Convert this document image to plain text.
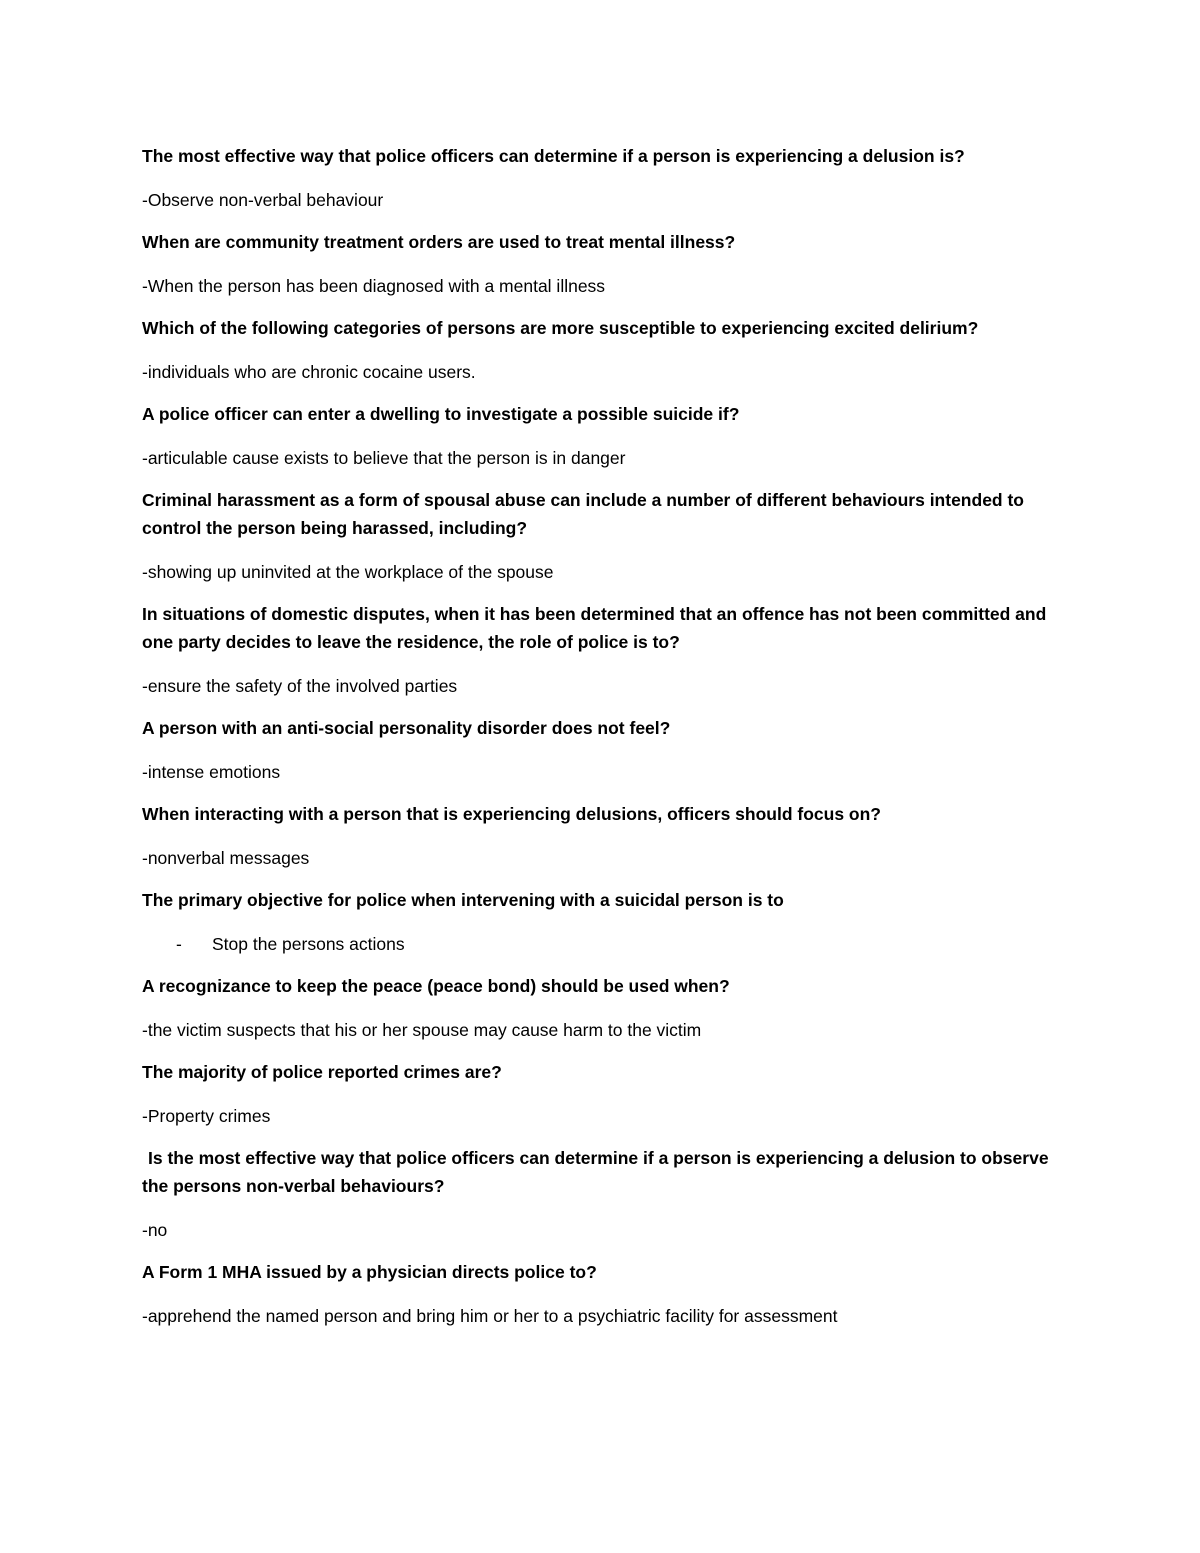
The most effective way that police officers can determine if a person is experiencing a delusion is?

-Observe non-verbal behaviour

When are community treatment orders are used to treat mental illness?

-When the person has been diagnosed with a mental illness

Which of the following categories of persons are more susceptible to experiencing excited delirium?

-individuals who are chronic cocaine users.

A police officer can enter a dwelling to investigate a possible suicide if?

-articulable cause exists to believe that the person is in danger

Criminal harassment as a form of spousal abuse can include a number of different behaviours intended to control the person being harassed, including?

-showing up uninvited at the workplace of the spouse

In situations of domestic disputes, when it has been determined that an offence has not been committed and one party decides to leave the residence, the role of police is to?

-ensure the safety of the involved parties

A person with an anti-social personality disorder does not feel?

-intense emotions

When interacting with a person that is experiencing delusions, officers should focus on?

-nonverbal messages

The primary objective for police when intervening with a suicidal person is to

-	Stop the persons actions

A recognizance to keep the peace (peace bond) should be used when?

-the victim suspects that his or her spouse may cause harm to the victim

The majority of police reported crimes are?

-Property crimes

Is the most effective way that police officers can determine if a person is experiencing a delusion to observe the persons non-verbal behaviours?

-no

A Form 1 MHA issued by a physician directs police to?

-apprehend the named person and bring him or her to a psychiatric facility for assessment
